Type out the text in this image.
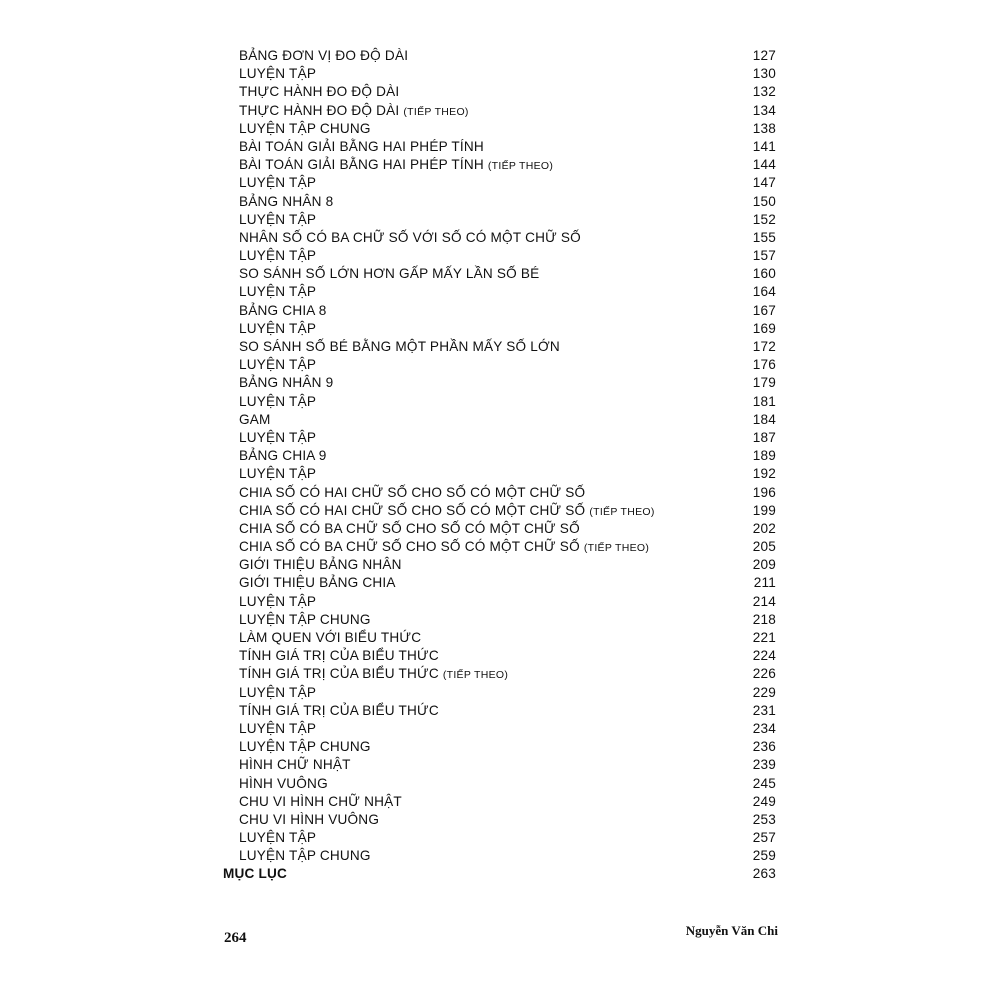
BẢNG ĐƠN VỊ ĐO ĐỘ DÀI	127
LUYỆN TẬP	130
THỰC HÀNH ĐO ĐỘ DÀI	132
THỰC HÀNH ĐO ĐỘ DÀI (TIẾP THEO)	134
LUYỆN TẬP CHUNG	138
BÀI TOÁN GIẢI BẰNG HAI PHÉP TÍNH	141
BÀI TOÁN GIẢI BẰNG HAI PHÉP TÍNH (TIẾP THEO)	144
LUYỆN TẬP	147
BẢNG NHÂN 8	150
LUYỆN TẬP	152
NHÂN SỐ CÓ BA CHỮ SỐ VỚI SỐ CÓ MỘT CHỮ SỐ	155
LUYỆN TẬP	157
SO SÁNH SỐ LỚN HƠN GẤP MẤY LẦN SỐ BÉ	160
LUYỆN TẬP	164
BẢNG CHIA 8	167
LUYỆN TẬP	169
SO SÁNH SỐ BÉ BẰNG MỘT PHẦN MẤY SỐ LỚN	172
LUYỆN TẬP	176
BẢNG NHÂN 9	179
LUYỆN TẬP	181
GAM	184
LUYỆN TẬP	187
BẢNG CHIA 9	189
LUYỆN TẬP	192
CHIA SỐ CÓ HAI CHỮ SỐ CHO SỐ CÓ MỘT CHỮ SỐ	196
CHIA SỐ CÓ HAI CHỮ SỐ CHO SỐ CÓ MỘT CHỮ SỐ (TIẾP THEO)	199
CHIA SỐ CÓ BA CHỮ SỐ CHO SỐ CÓ MỘT CHỮ SỐ	202
CHIA SỐ CÓ BA CHỮ SỐ CHO SỐ CÓ MỘT CHỮ SỐ (TIẾP THEO)	205
GIỚI THIỆU BẢNG NHÂN	209
GIỚI THIỆU BẢNG CHIA	211
LUYỆN TẬP	214
LUYỆN TẬP CHUNG	218
LÀM QUEN VỚI BIỂU THỨC	221
TÍNH GIÁ TRỊ CỦA BIỂU THỨC	224
TÍNH GIÁ TRỊ CỦA BIỂU THỨC (TIẾP THEO)	226
LUYỆN TẬP	229
TÍNH GIÁ TRỊ CỦA BIỂU THỨC	231
LUYỆN TẬP	234
LUYỆN TẬP CHUNG	236
HÌNH CHỮ NHẬT	239
HÌNH VUÔNG	245
CHU VI HÌNH CHỮ NHẬT	249
CHU VI HÌNH VUÔNG	253
LUYỆN TẬP	257
LUYỆN TẬP CHUNG	259
MỤC LỤC	263
264	Nguyễn Văn Chi
